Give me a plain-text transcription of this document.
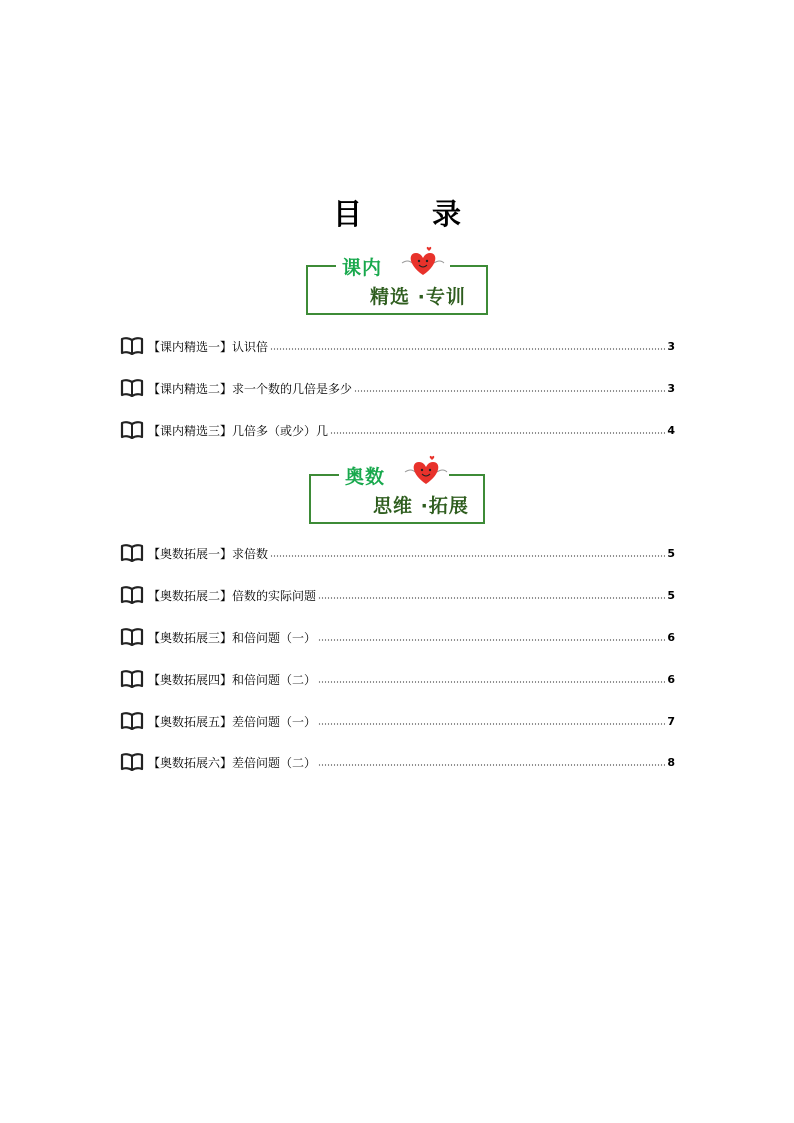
目 录
课内
精选 ·专训
【课内精选一】认识倍	3
【课内精选二】求一个数的几倍是多少	3
【课内精选三】几倍多（或少）几	4
奥数
思维 ·拓展
【奥数拓展一】求倍数	5
【奥数拓展二】倍数的实际问题	5
【奥数拓展三】和倍问题（一）	6
【奥数拓展四】和倍问题（二）	6
【奥数拓展五】差倍问题（一）	7
【奥数拓展六】差倍问题（二）	8
